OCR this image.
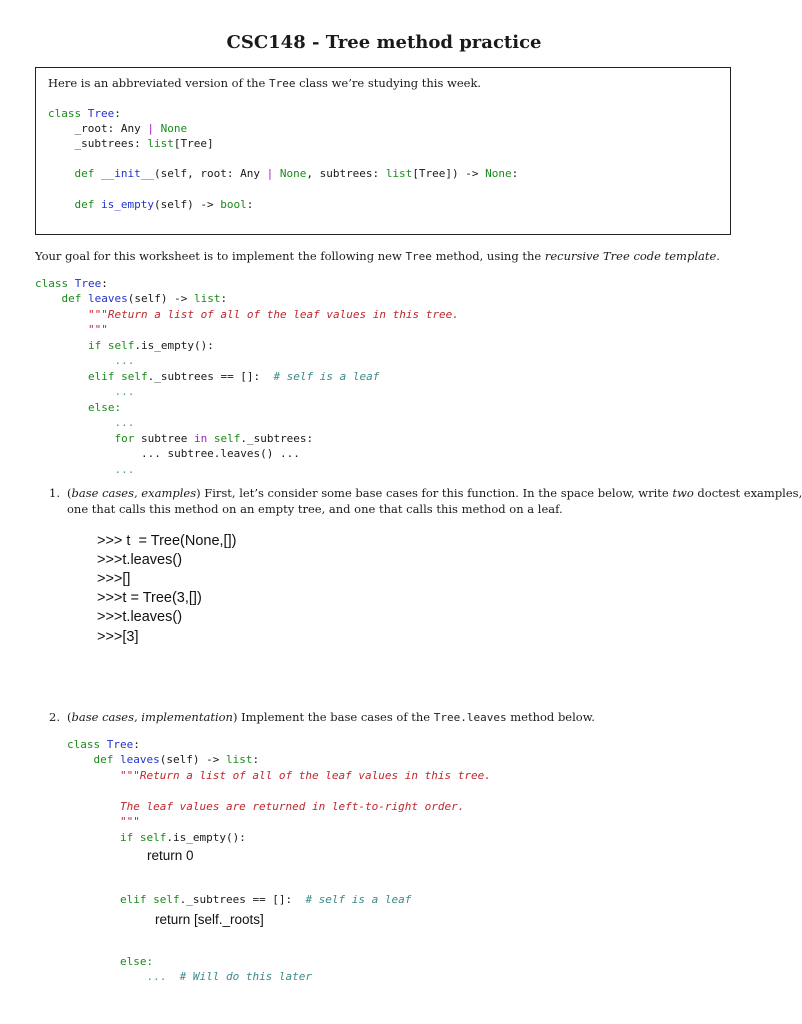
CSC148 - Tree method practice
Here is an abbreviated version of the Tree class we’re studying this week.
class Tree:
_root: Any | None
_subtrees: list[Tree]
def __init__(self, root: Any | None, subtrees: list[Tree]) -> None:
def is_empty(self) -> bool:
Your goal for this worksheet is to implement the following new Tree method, using the recursive Tree code template.
class Tree:
def leaves(self) -> list:
"""Return a list of all of the leaf values in this tree.
"""
if self.is_empty():
...
elif self._subtrees == []:  # self is a leaf
...
else:
...
for subtree in self._subtrees:
... subtree.leaves() ...
...
1. (base cases, examples) First, let’s consider some base cases for this function. In the space below, write two doctest examples,
one that calls this method on an empty tree, and one that calls this method on a leaf.
>>> t  = Tree(None,[])
>>>t.leaves()
>>>[]
>>>t = Tree(3,[])
>>>t.leaves()
>>>[3]
2. (base cases, implementation) Implement the base cases of the Tree.leaves method below.
class Tree:
def leaves(self) -> list:
"""Return a list of all of the leaf values in this tree.
The leaf values are returned in left-to-right order.
"""
if self.is_empty():
return 0
elif self._subtrees == []:  # self is a leaf
return [self._roots]
else:
...  # Will do this later
